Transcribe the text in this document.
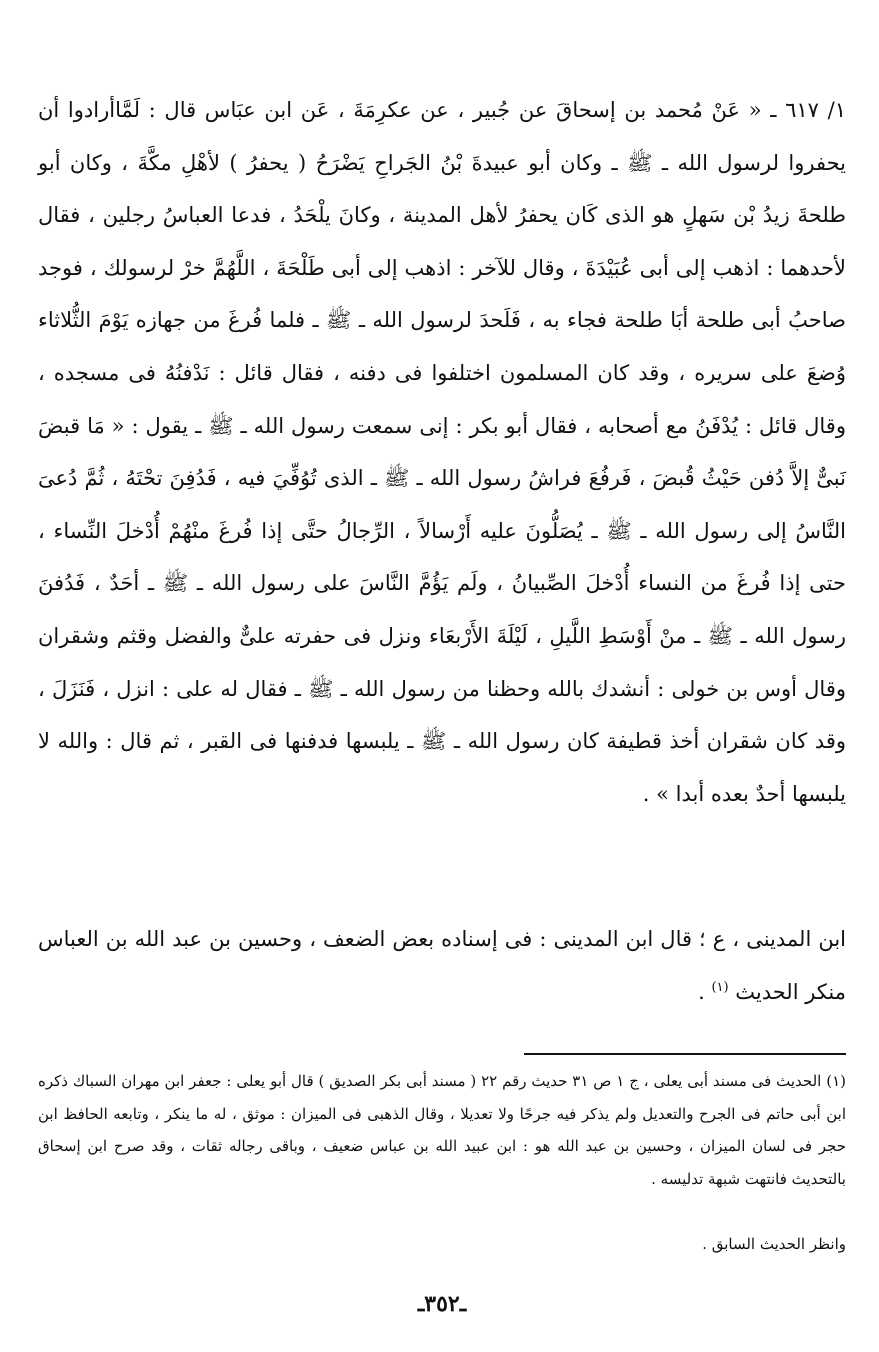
١/ ٦١٧ ـ « عَنْ مُحمد بن إسحاقَ عن جُبير ، عن عكرِمَةَ ، عَن ابن عبَاس قال : لَمَّاأرادوا أن يحفروا لرسول الله ـ ﷺ ـ وكان أبو عبيدةَ بْنُ الجَراحِ يَضْرَحُ ( يحفرُ ) لأهْلِ مكَّةَ ، وكان أبو طلحةَ زيدُ بْن سَهلٍ هو الذى كَان يحفرُ لأهل المدينة ، وكانَ يلْحَدُ ، فدعا العباسُ رجلين ، فقال لأحدهما : اذهب إلى أبى عُبَيْدَةَ ، وقال للآخر : اذهب إلى أبى طَلْحَةَ ، اللَّهُمَّ خرْ لرسولك ، فوجد صاحبُ أبى طلحة أبَا طلحة فجاء به ، فَلَحدَ لرسول الله ـ ﷺ ـ فلما فُرغَ من جهازه يَوْمَ الثُّلاثاء وُضعَ على سريره ، وقد كان المسلمون اختلفوا فى دفنه ، فقال قائل : نَدْفنُهُ فى مسجده ، وقال قائل : يُدْفَنُ مع أصحابه ، فقال أبو بكر : إنى سمعت رسول الله ـ ﷺ ـ يقول : « مَا قبضَ نَبىٌّ إلاَّ دُفن حَيْثُ قُبضَ ، فَرفُعَ فراشُ رسول الله ـ ﷺ ـ الذى تُوُفِّيَ فيه ، فَدُفِنَ تحْتَهُ ، ثُمَّ دُعىَ النَّاسُ إلى رسول الله ـ ﷺ ـ يُصَلُّونَ عليه أَرْسالاً ، الرِّجالُ حتَّى إذا فُرغَ منْهُمْ أُدْخلَ النِّساء ، حتى إذا فُرغَ من النساء أُدْخلَ الصِّبيانُ ، ولَم يَؤُمَّ النَّاسَ على رسول الله ـ ﷺ ـ أحَدٌ ، فَدُفنَ رسول الله ـ ﷺ ـ منْ أَوْسَطِ اللَّيلِ ، لَيْلَةَ الأَرْبعَاء ونزل فى حفرته علىٌّ والفضل وقثم وشقران وقال أوس بن خولى : أنشدك بالله وحظنا من رسول الله ـ ﷺ ـ فقال له على : انزل ، فَنَزَلَ ، وقد كان شقران أخذ قطيفة كان رسول الله ـ ﷺ ـ يلبسها فدفنها فى القبر ، ثم قال : والله لا يلبسها أحدٌ بعده أبدا » .

ابن المدينى ، ع ؛ قال ابن المدينى : فى إسناده بعض الضعف ، وحسين بن عبد الله بن العباس منكر الحديث $^{(١)}$ .

(١) الحديث فى مسند أبى يعلى ، ج ١ ص ٣١ حديث رقم ٢٢ ( مسند أبى بكر الصديق ) قال أبو يعلى : جعفر ابن مهران السباك ذكره ابن أبى حاتم فى الجرح والتعديل ولم يذكر فيه جرحًا ولا تعديلا ، وقال الذهبى فى الميزان : موثق ، له ما ينكر ، وتابعه الحافظ ابن حجر فى لسان الميزان ، وحسين بن عبد الله هو : ابن عبيد الله بن عباس ضعيف ، وباقى رجاله ثقات ، وقد صرح ابن إسحاق بالتحديث فانتهت شبهة تدليسه .

وانظر الحديث السابق .

ـ٣٥٢ـ
